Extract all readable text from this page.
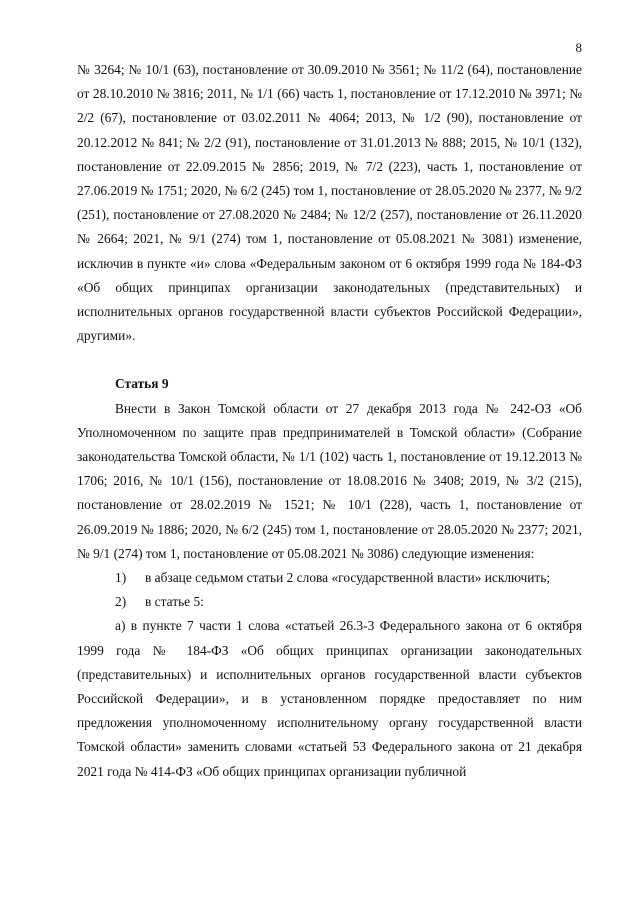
8

№ 3264; № 10/1 (63), постановление от 30.09.2010 № 3561; № 11/2 (64), постановление от 28.10.2010 № 3816; 2011, № 1/1 (66) часть 1, постановление от 17.12.2010 № 3971; № 2/2 (67), постановление от 03.02.2011 № 4064; 2013, № 1/2 (90), постановление от 20.12.2012 № 841; № 2/2 (91), постановление от 31.01.2013 № 888; 2015, № 10/1 (132), постановление от 22.09.2015 № 2856; 2019, № 7/2 (223), часть 1, постановление от 27.06.2019 № 1751; 2020, № 6/2 (245) том 1, постановление от 28.05.2020 № 2377, № 9/2 (251), постановление от 27.08.2020 № 2484; № 12/2 (257), постановление от 26.11.2020 № 2664; 2021, № 9/1 (274) том 1, постановление от 05.08.2021 № 3081) изменение, исключив в пункте «и» слова «Федеральным законом от 6 октября 1999 года № 184-ФЗ «Об общих принципах организации законодательных (представительных) и исполнительных органов государственной власти субъектов Российской Федерации», другими».

Статья 9

Внести в Закон Томской области от 27 декабря 2013 года № 242-ОЗ «Об Уполномоченном по защите прав предпринимателей в Томской области» (Собрание законодательства Томской области, № 1/1 (102) часть 1, постановление от 19.12.2013 № 1706; 2016, № 10/1 (156), постановление от 18.08.2016 № 3408; 2019, № 3/2 (215), постановление от 28.02.2019 № 1521; № 10/1 (228), часть 1, постановление от 26.09.2019 № 1886; 2020, № 6/2 (245) том 1, постановление от 28.05.2020 № 2377; 2021, № 9/1 (274) том 1, постановление от 05.08.2021 № 3086) следующие изменения:

1)	в абзаце седьмом статьи 2 слова «государственной власти» исключить;
2)	в статье 5:

а) в пункте 7 части 1 слова «статьей 26.3-3 Федерального закона от 6 октября 1999 года № 184-ФЗ «Об общих принципах организации законодательных (представительных) и исполнительных органов государственной власти субъектов Российской Федерации», и в установленном порядке предоставляет по ним предложения уполномоченному исполнительному органу государственной власти Томской области» заменить словами «статьей 53 Федерального закона от 21 декабря 2021 года № 414-ФЗ «Об общих принципах организации публичной
